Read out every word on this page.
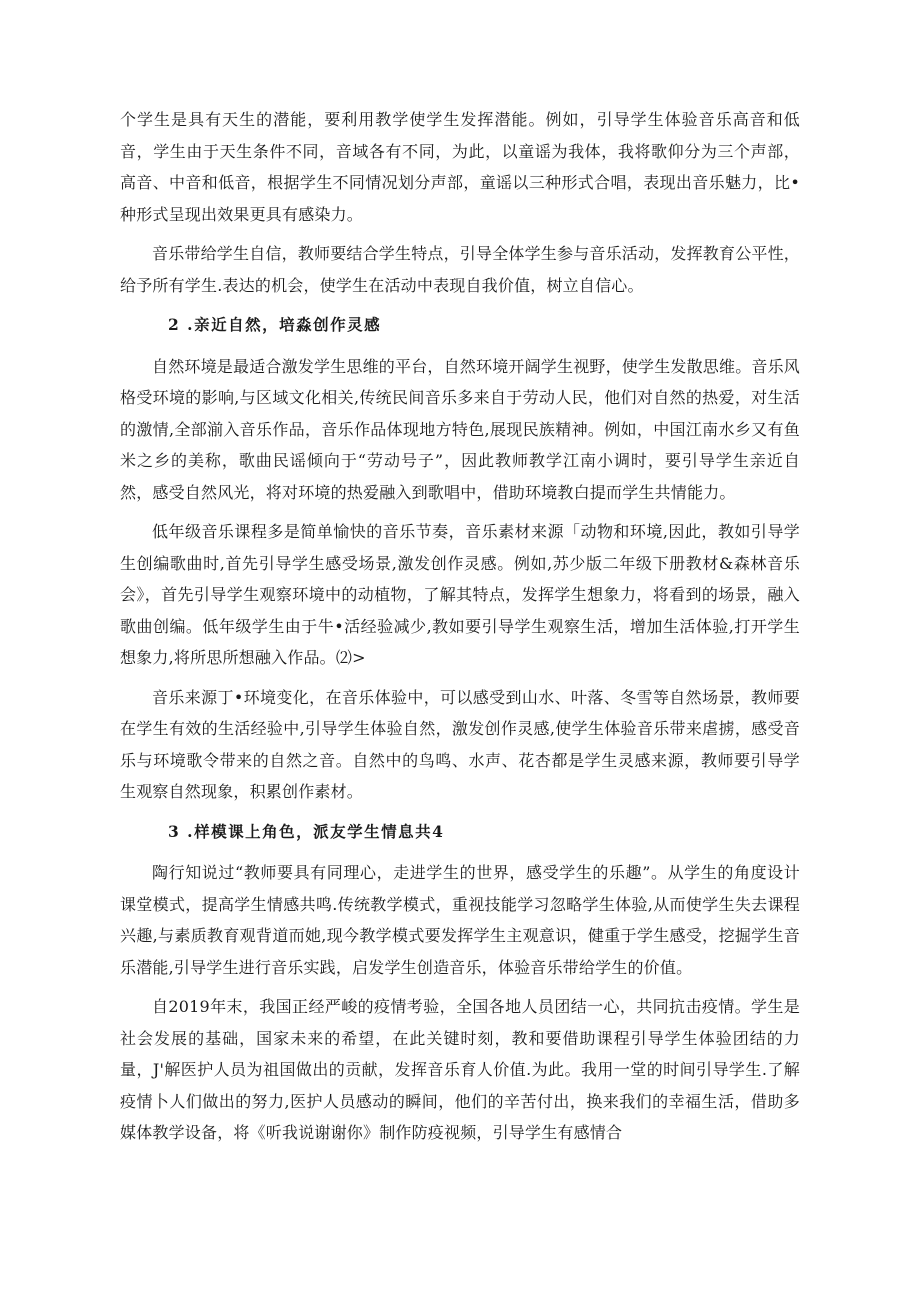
个学生是具有天生的潜能，要利用教学使学生发挥潜能。例如，引导学生体验音乐高音和低音，学生由于天生条件不同，音域各有不同，为此，以童谣为我体，我将歌仰分为三个声部，高音、中音和低音，根据学生不同情况划分声部，童谣以三种形式合唱，表现出音乐魅力，比•种形式呈现出效果更具有感染力。

音乐带给学生自信，教师要结合学生特点，引导全体学生参与音乐活动，发挥教育公平性，给予所有学生.表达的机会，使学生在活动中表现自我价值，树立自信心。

2 .亲近自然，培淼创作灵感

自然环境是最适合激发学生思维的平台，自然环境开阔学生视野，使学生发散思维。音乐风格受环境的影响,与区域文化相关,传统民间音乐多来自于劳动人民，他们对自然的热爱，对生活的激情,全部湔入音乐作品，音乐作品体现地方特色,展现民族精神。例如，中国江南水乡又有鱼米之乡的美称，歌曲民谣倾向于“劳动号子”，因此教师教学江南小调时，要引导学生亲近自然，感受自然风光，将对环境的热爱融入到歌唱中，借助环境教白提而学生共情能力。

低年级音乐课程多是简单愉快的音乐节奏，音乐素材来源「动物和环境,因此，教如引导学生创编歌曲时,首先引导学生感受场景,激发创作灵感。例如,苏少版二年级下册教材&森林音乐会》，首先引导学生观察环境中的动植物，了解其特点，发挥学生想象力，将看到的场景，融入歌曲创编。低年级学生由于牛•活经验减少,教如要引导学生观察生活，增加生活体验,打开学生想象力,将所思所想融入作品。⑵>

音乐来源丁•环境变化，在音乐体验中，可以感受到山水、叶落、冬雪等自然场景，教师要在学生有效的生活经验中,引导学生体验自然，激发创作灵感,使学生体验音乐带来虐掳，感受音乐与环境歌令带来的自然之音。自然中的鸟鸣、水声、花杏都是学生灵感来源，教师要引导学生观察自然现象，积累创作素材。

3 .样模课上角色，派友学生情息共4

陶行知说过“教师要具有同理心，走进学生的世界，感受学生的乐趣”。从学生的角度设计课堂模式，提高学生情感共鸣.传统教学模式，重视技能学习忽略学生体验,从而使学生失去课程兴趣,与素质教育观背道而她,现今教学模式要发挥学生主观意识，健重于学生感受，挖掘学生音乐潜能,引导学生进行音乐实践，启发学生创造音乐，体验音乐带给学生的价值。

自2019年末，我国正经严峻的疫情考验，全国各地人员团结一心，共同抗击疫情。学生是社会发展的基础，国家未来的希望，在此关键时刻，教和要借助课程引导学生体验团结的力量，J'解医护人员为祖国做出的贡献，发挥音乐育人价值.为此。我用一堂的时间引导学生.了解疫情卜人们做出的努力,医护人员感动的瞬间，他们的辛苦付出，换来我们的幸福生活，借助多媒体教学设备，将《听我说谢谢你》制作防疫视频，引导学生有感情合
